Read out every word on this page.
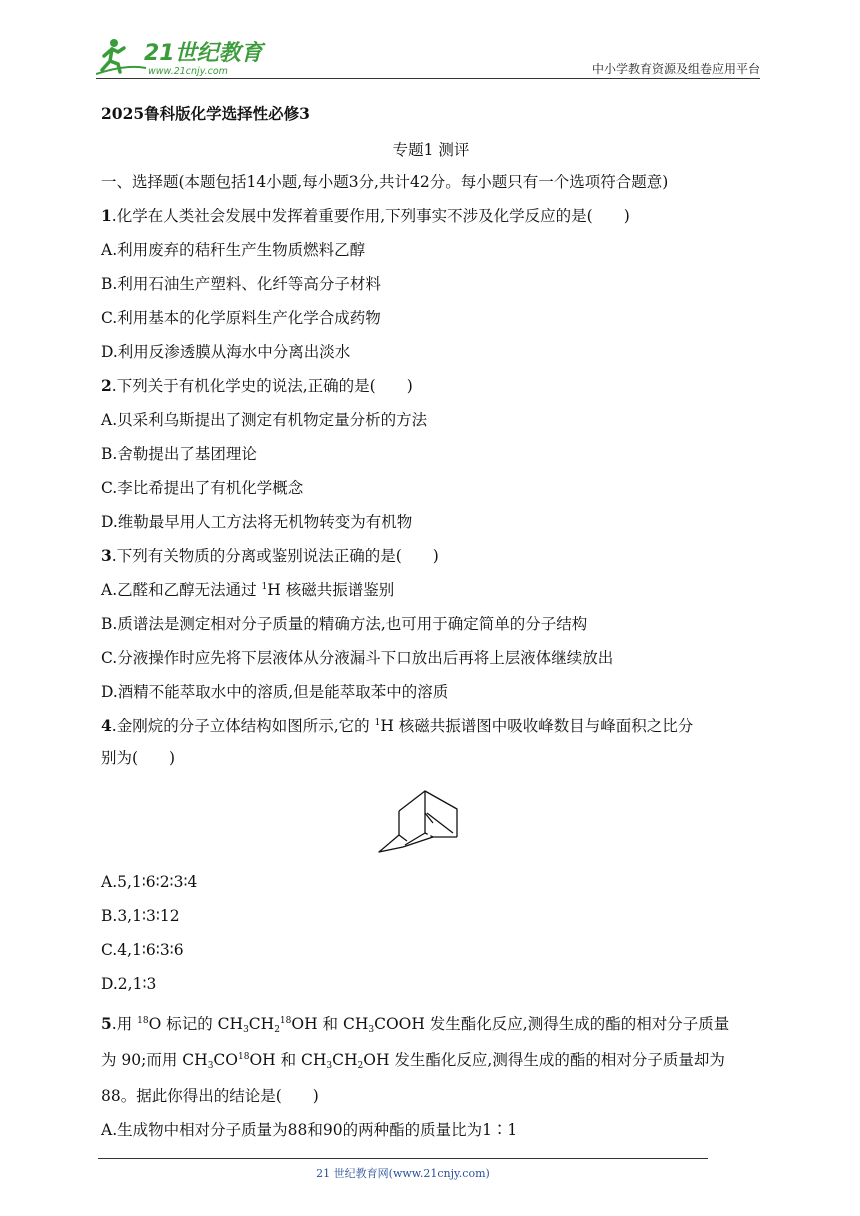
21世纪教育
www.21cnjy.com	中小学教育资源及组卷应用平台
2025鲁科版化学选择性必修3
专题1 测评
一、选择题(本题包括14小题,每小题3分,共计42分。每小题只有一个选项符合题意)
1.化学在人类社会发展中发挥着重要作用,下列事实不涉及化学反应的是(　　)
A.利用废弃的秸秆生产生物质燃料乙醇
B.利用石油生产塑料、化纤等高分子材料
C.利用基本的化学原料生产化学合成药物
D.利用反渗透膜从海水中分离出淡水
2.下列关于有机化学史的说法,正确的是(　　)
A.贝采利乌斯提出了测定有机物定量分析的方法
B.舍勒提出了基团理论
C.李比希提出了有机化学概念
D.维勒最早用人工方法将无机物转变为有机物
3.下列有关物质的分离或鉴别说法正确的是(　　)
A.乙醛和乙醇无法通过 $^1$H 核磁共振谱鉴别
B.质谱法是测定相对分子质量的精确方法,也可用于确定简单的分子结构
C.分液操作时应先将下层液体从分液漏斗下口放出后再将上层液体继续放出
D.酒精不能萃取水中的溶质,但是能萃取苯中的溶质
4.金刚烷的分子立体结构如图所示,它的 $^1$H 核磁共振谱图中吸收峰数目与峰面积之比分
别为(　　)
A.5,1∶6∶2∶3∶4
B.3,1∶3∶12
C.4,1∶6∶3∶6
D.2,1∶3
5.用 $^{18}$O 标记的 $CH_3CH_2^{18}OH$ 和 $CH_3COOH$ 发生酯化反应,测得生成的酯的相对分子质量
为 90;而用 $CH_3CO^{18}OH$ 和 $CH_3CH_2OH$ 发生酯化反应,测得生成的酯的相对分子质量却为
88。据此你得出的结论是(　　)
A.生成物中相对分子质量为88和90的两种酯的质量比为1∶1
21 世纪教育网(www.21cnjy.com)
